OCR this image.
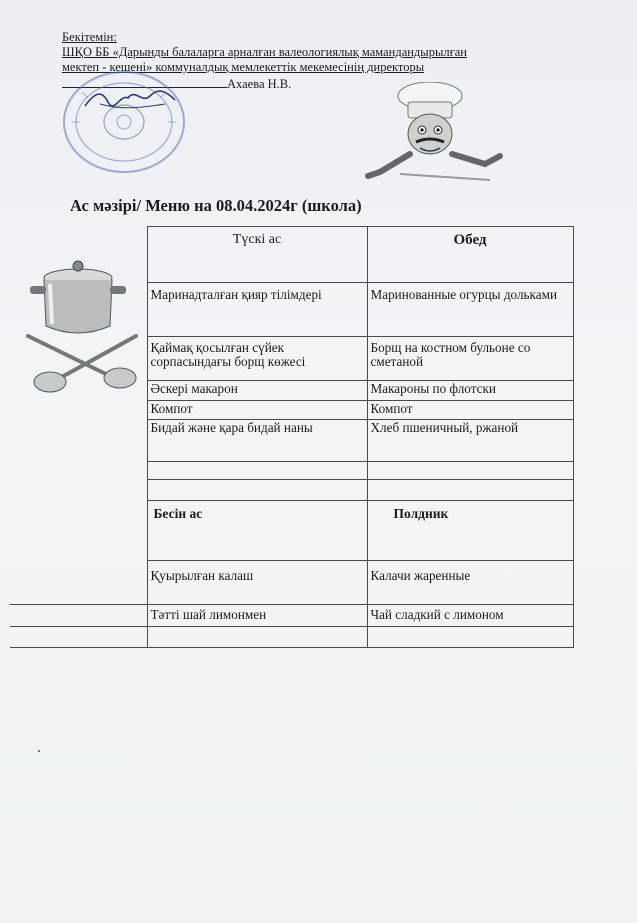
Бекітемін:
ШҚО ББ «Дарынды балаларга арналған валеологиялық мамандандырылған
мектеп - кешені» коммуналдық мемлекеттік мекемесінің директоры
Ахаева Н.В.
Ас мәзірі/ Меню на 08.04.2024г (школа)
	Түскі ас	Обед
	Маринадталған қияр тілімдері	Маринованные огурцы дольками
	Қаймақ қосылған сүйек сорпасындағы борщ көжесі	Борщ на костном бульоне со сметаной
	Әскері макарон	Макароны по флотски
	Компот	Компот
	Бидай және қара бидай наны	Хлеб пшеничный, ржаной

	Бесін ас	Полдник
	Қуырылған калаш	Калачи жаренные

	Тәтті шай лимонмен	Чай сладкий с лимоном
